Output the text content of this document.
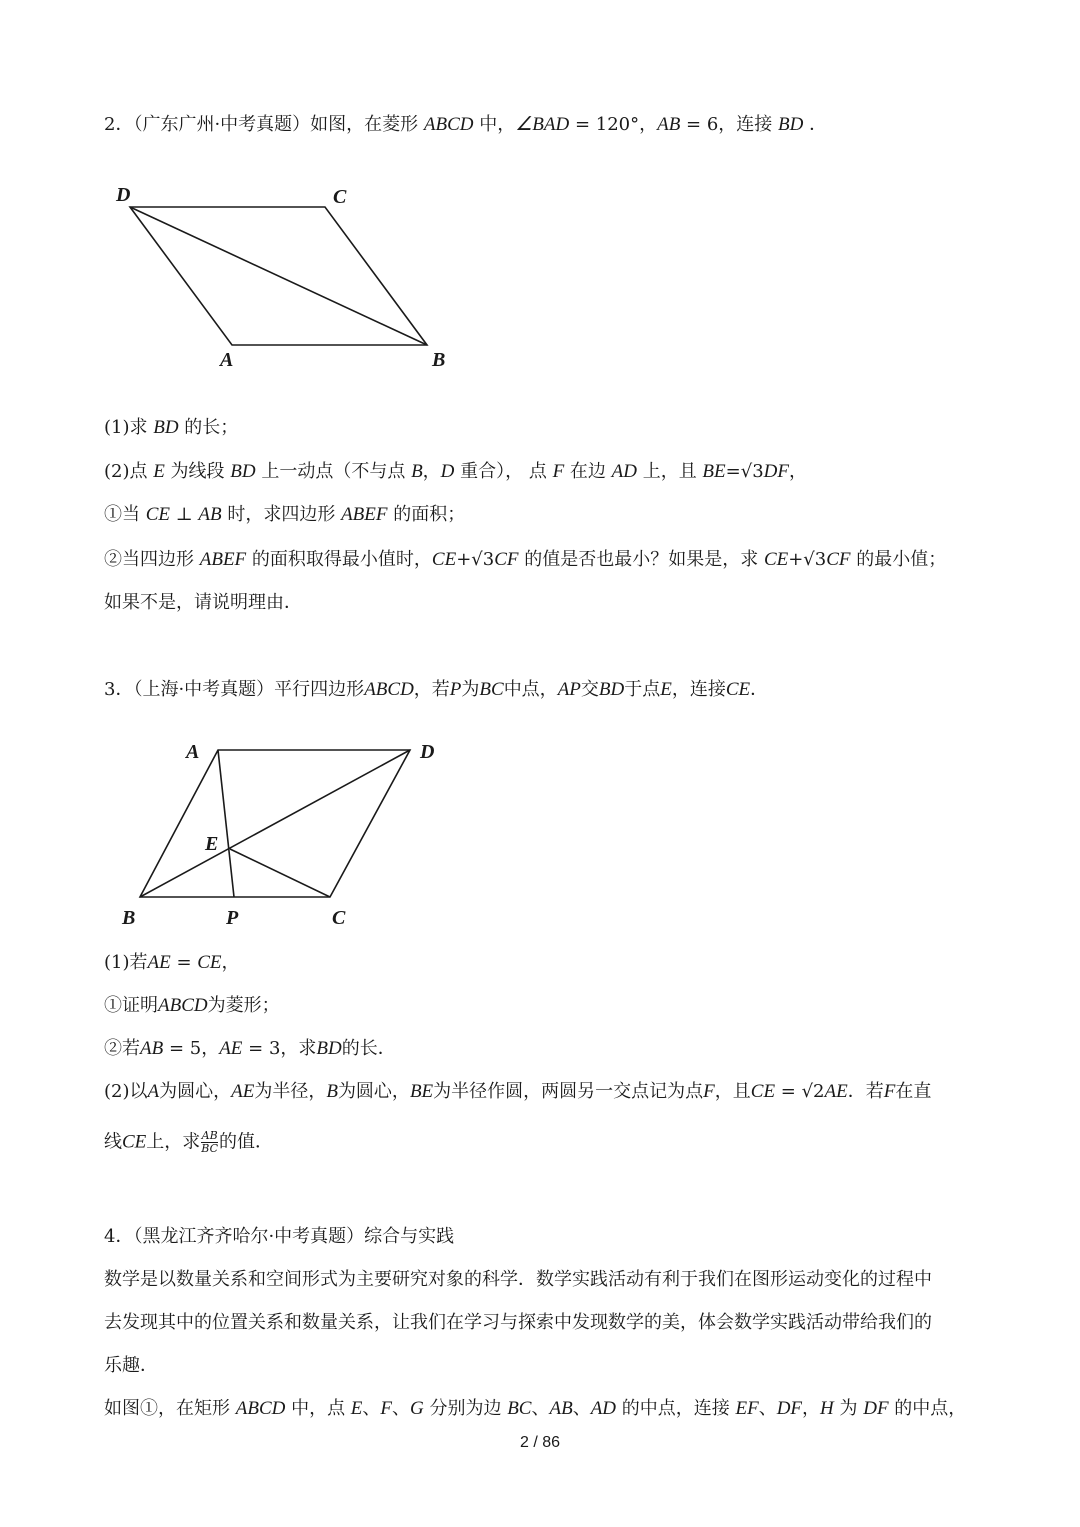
2．（广东广州·中考真题）如图，在菱形 ABCD 中，∠BAD = 120°，AB = 6，连接 BD ．
D	C
A	B
(1)求 BD 的长；
(2)点 E 为线段 BD 上一动点（不与点 B，D 重合）， 点 F 在边 AD 上，且 BE=√3DF，
①当 CE ⊥ AB 时，求四边形 ABEF 的面积；
②当四边形 ABEF 的面积取得最小值时，CE+√3CF 的值是否也最小？如果是，求 CE+√3CF 的最小值；
如果不是，请说明理由．
3．（上海·中考真题）平行四边形ABCD，若P为BC中点，AP交BD于点E，连接CE．
A	D
E
B	P	C
(1)若AE = CE，
①证明ABCD为菱形；
②若AB = 5，AE = 3，求BD的长．
(2)以A为圆心，AE为半径，B为圆心，BE为半径作圆，两圆另一交点记为点F，且CE = √2AE．若F在直
线CE上，求 $\frac{AB}{BC}$ 的值．
4．（黑龙江齐齐哈尔·中考真题）综合与实践
数学是以数量关系和空间形式为主要研究对象的科学．数学实践活动有利于我们在图形运动变化的过程中
去发现其中的位置关系和数量关系，让我们在学习与探索中发现数学的美，体会数学实践活动带给我们的
乐趣．
如图①，在矩形 ABCD 中，点 E、F、G 分别为边 BC、AB、AD 的中点，连接 EF、DF，H 为 DF 的中点，
2 / 86
